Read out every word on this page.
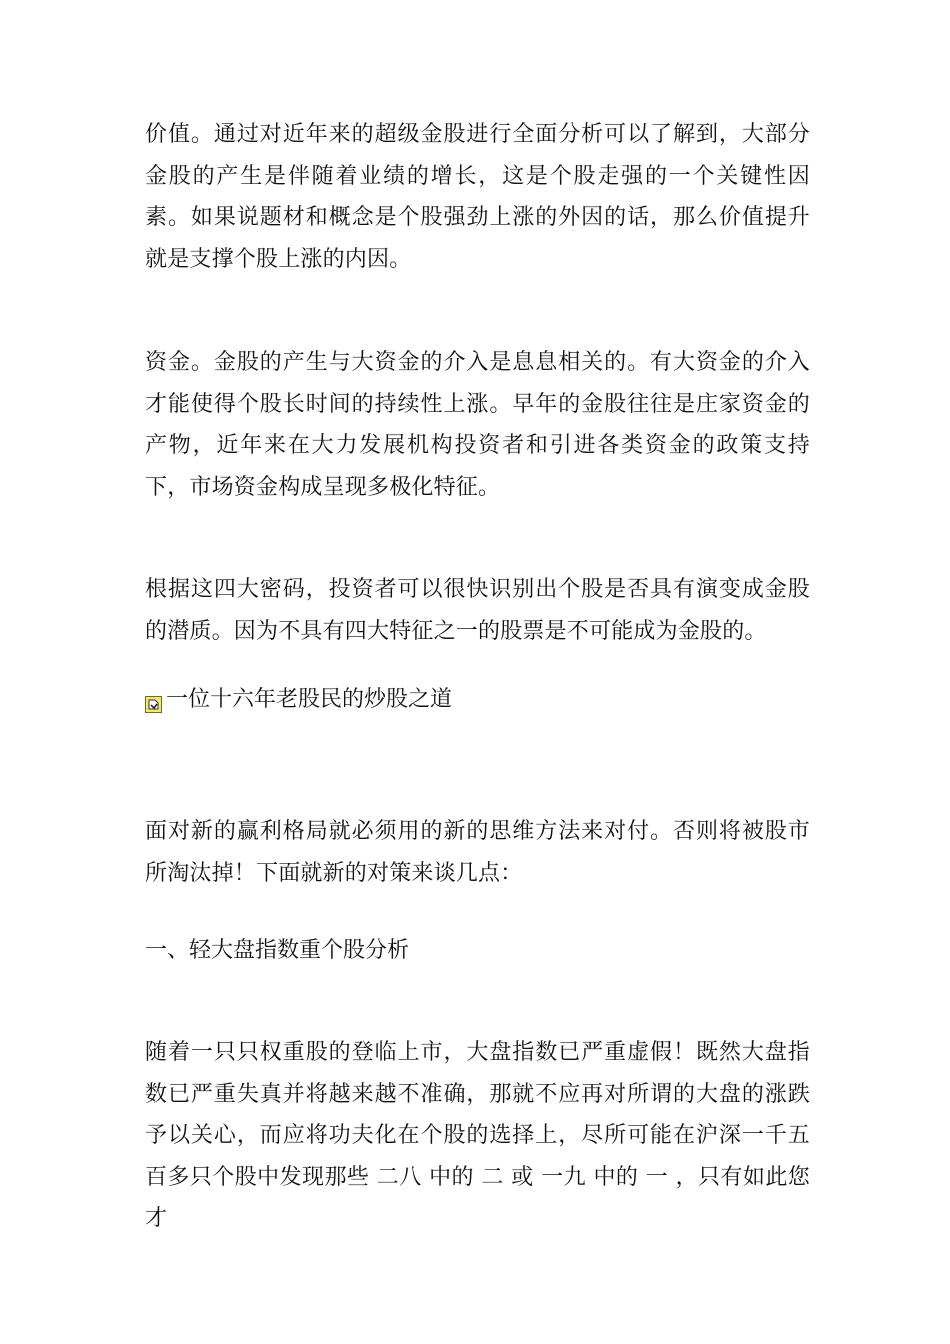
价值。通过对近年来的超级金股进行全面分析可以了解到，大部分金股的产生是伴随着业绩的增长，这是个股走强的一个关键性因素。如果说题材和概念是个股强劲上涨的外因的话，那么价值提升就是支撑个股上涨的内因。

资金。金股的产生与大资金的介入是息息相关的。有大资金的介入才能使得个股长时间的持续性上涨。早年的金股往往是庄家资金的产物，近年来在大力发展机构投资者和引进各类资金的政策支持下，市场资金构成呈现多极化特征。

根据这四大密码，投资者可以很快识别出个股是否具有演变成金股的潜质。因为不具有四大特征之一的股票是不可能成为金股的。

一位十六年老股民的炒股之道

面对新的赢利格局就必须用的新的思维方法来对付。否则将被股市所淘汰掉！下面就新的对策来谈几点：

一、轻大盘指数重个股分析

随着一只只权重股的登临上市，大盘指数已严重虚假！既然大盘指数已严重失真并将越来越不准确，那就不应再对所谓的大盘的涨跌予以关心，而应将功夫化在个股的选择上，尽所可能在沪深一千五百多只个股中发现那些 二八 中的 二 或 一九 中的 一 ，只有如此您才
